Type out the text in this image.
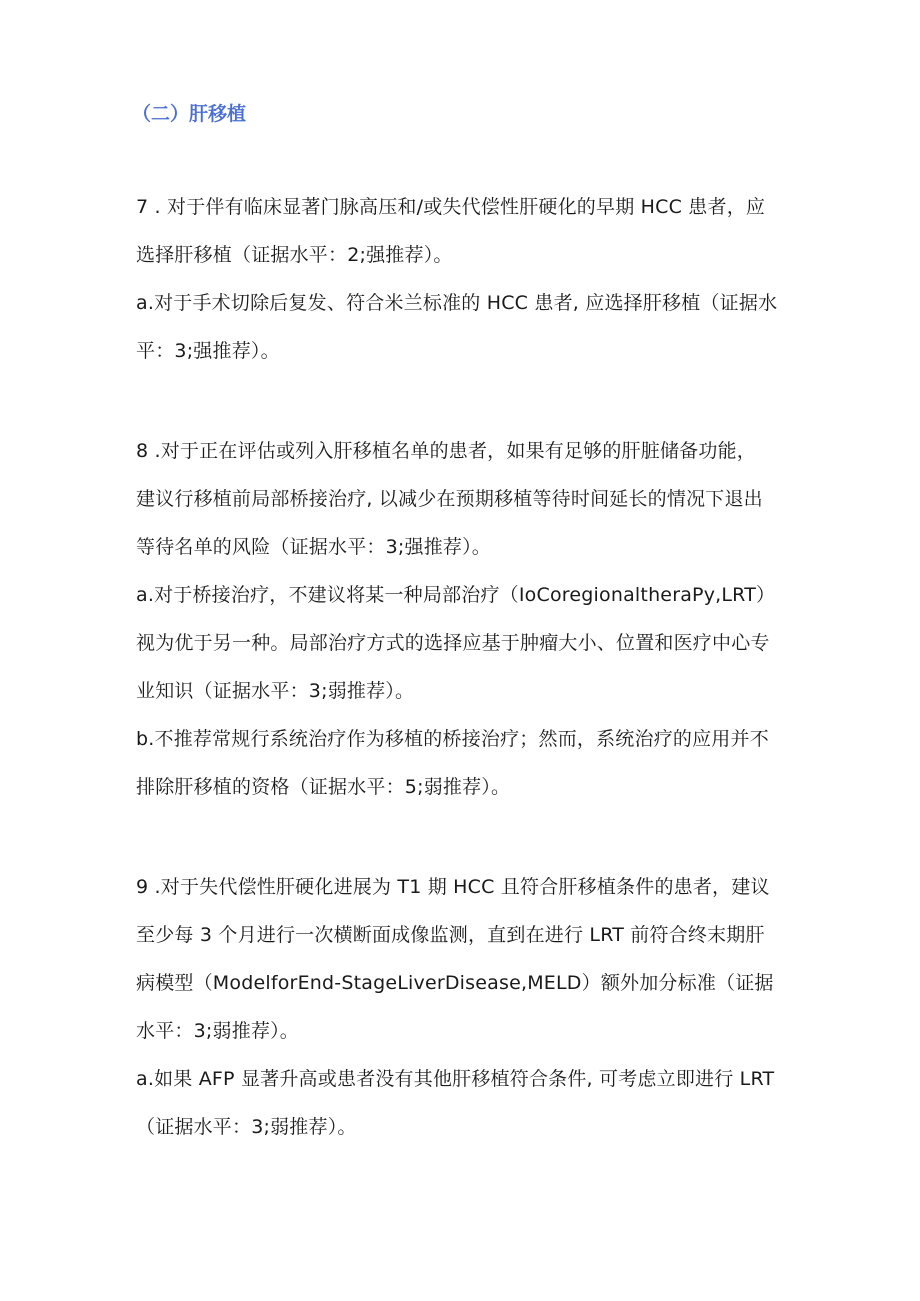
（二）肝移植
7 . 对于伴有临床显著门脉高压和/或失代偿性肝硬化的早期 HCC 患者，应
选择肝移植（证据水平：2;强推荐）。
a.对于手术切除后复发、符合米兰标准的 HCC 患者, 应选择肝移植（证据水
平：3;强推荐）。
8 .对于正在评估或列入肝移植名单的患者，如果有足够的肝脏储备功能，
建议行移植前局部桥接治疗, 以减少在预期移植等待时间延长的情况下退出
等待名单的风险（证据水平：3;强推荐）。
a.对于桥接治疗，不建议将某一种局部治疗（IoCoregionaltheraPy,LRT）
视为优于另一种。局部治疗方式的选择应基于肿瘤大小、位置和医疗中心专
业知识（证据水平：3;弱推荐）。
b.不推荐常规行系统治疗作为移植的桥接治疗；然而，系统治疗的应用并不
排除肝移植的资格（证据水平：5;弱推荐）。
9 .对于失代偿性肝硬化进展为 T1 期 HCC 且符合肝移植条件的患者，建议
至少每 3 个月进行一次横断面成像监测，直到在进行 LRT 前符合终末期肝
病模型（ModelforEnd-StageLiverDisease,MELD）额外加分标准（证据
水平：3;弱推荐）。
a.如果 AFP 显著升高或患者没有其他肝移植符合条件, 可考虑立即进行 LRT
（证据水平：3;弱推荐）。
